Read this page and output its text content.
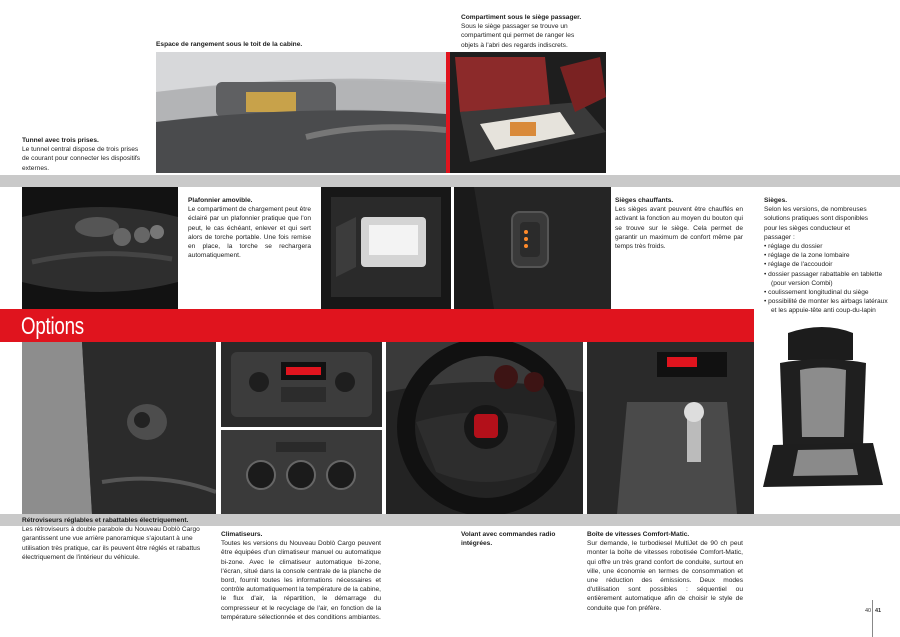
Options
Espace de rangement sous le toit de la cabine.
Compartiment sous le siège passager.

Sous le siège passager se trouve un
compartiment qui permet de ranger les
objets à l'abri des regards indiscrets.

Tunnel avec trois prises.

Le tunnel central dispose de trois prises
de courant pour connecter les dispositifs
externes.

Plafonnier amovible.

Le compartiment de chargement peut être éclairé par un plafonnier pratique que l'on peut, le cas échéant, enlever et qui sert alors de torche portable. Une fois remise en place, la torche se rechargera automatiquement.

Sièges chauffants.

Les sièges avant peuvent être chauffés en activant la fonction au moyen du bouton qui se trouve sur le siège. Cela permet de garantir un maximum de confort même par temps très froids.

Sièges.

Selon les versions, de nombreuses
solutions pratiques sont disponibles
pour les sièges conducteur et
passager :

• réglage du dossier
• réglage de la zone lombaire
• réglage de l'accoudoir
• dossier passager rabattable en tablette (pour version Combi)
• coulissement longitudinal du siège
• possibilité de monter les airbags latéraux et les appuie-tête anti coup-du-lapin
Rétroviseurs réglables et rabattables électriquement.

Les rétroviseurs à double parabole du Nouveau Doblò Cargo garantissent une vue arrière panoramique s'ajoutant à une utilisation très pratique, car ils peuvent être réglés et rabattus électriquement de l'intérieur du véhicule.

Climatiseurs.

Toutes les versions du Nouveau Doblò Cargo peuvent être équipées d'un climatiseur manuel ou automatique bi-zone. Avec le climatiseur automatique bi-zone, l'écran, situé dans la console centrale de la planche de bord, fournit toutes les informations nécessaires et contrôle automatiquement la température de la cabine, le flux d'air, la répartition, le démarrage du compresseur et le recyclage de l'air, en fonction de la température sélectionnée et des conditions ambiantes.

Volant avec commandes radio
intégrées.
Boîte de vitesses Comfort-Matic.

Sur demande, le turbodiesel MultiJet de 90 ch peut monter la boîte de vitesses robotisée Comfort-Matic, qui offre un très grand confort de conduite, surtout en ville, une économie en termes de consommation et une réduction des émissions. Deux modes d'utilisation sont possibles : séquentiel ou entièrement automatique afin de choisir le style de conduite que l'on préfère.	40 41
